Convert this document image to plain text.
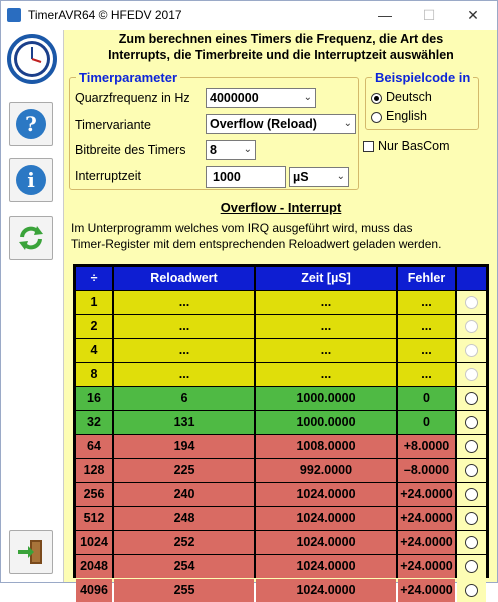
TimerAVR64 © HFEDV 2017	—	☐	✕
?
i
Zum berechnen eines Timers die Frequenz, die Art des
Interrupts, die Timerbreite und die Interruptzeit auswählen
Timerparameter
Quarzfrequenz in Hz	4000000	⌄
Timervariante	Overflow (Reload)	⌄
Bitbreite des Timers	8	⌄
Interruptzeit	1000	µS	⌄
Beispielcode in
Deutsch
English
Nur BasCom
Overflow - Interrupt
Im Unterprogramm welches vom IRQ ausgeführt wird, muss das
Timer-Register mit dem entsprechenden Reloadwert geladen werden.
÷	Reloadwert	Zeit [µS]	Fehler
1	...	...	...
2	...	...	...
4	...	...	...
8	...	...	...
16	6	1000.0000	0
32	131	1000.0000	0
64	194	1008.0000	+8.0000
128	225	992.0000	–8.0000
256	240	1024.0000	+24.0000
512	248	1024.0000	+24.0000
1024	252	1024.0000	+24.0000
2048	254	1024.0000	+24.0000
4096	255	1024.0000	+24.0000
